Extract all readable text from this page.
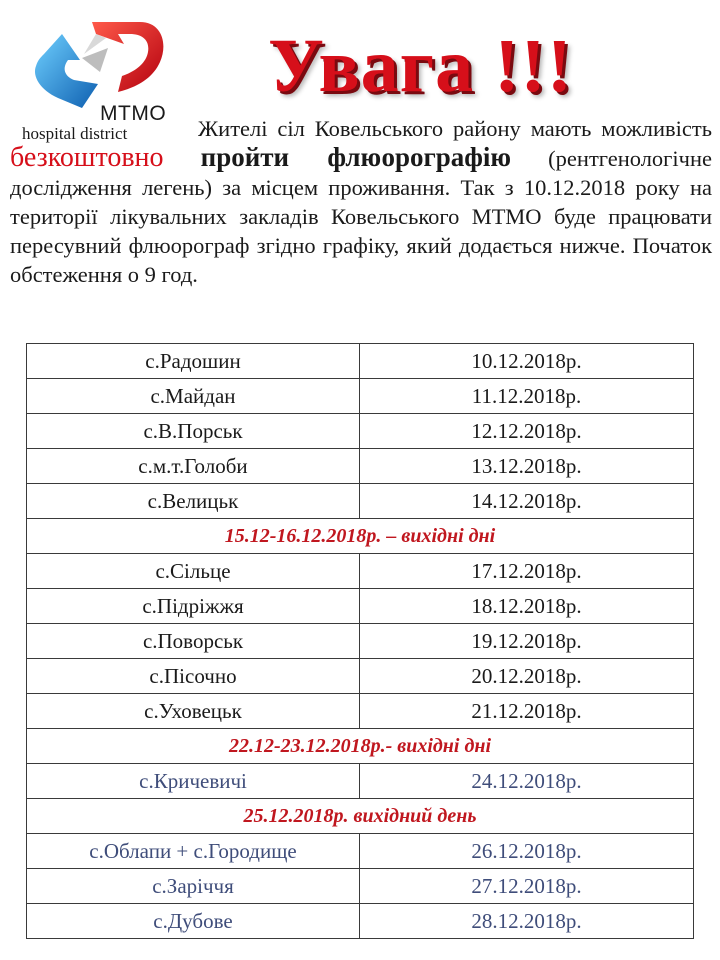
МТМО
hospital district
Увага !!!

Жителі сіл Ковельського району мають можливість безкоштовно пройти флюорографію (рентгенологічне дослідження легень) за місцем проживання. Так з 10.12.2018 року на території лікувальних закладів Ковельського МТМО буде працювати пересувний флюорограф згідно графіку, який додається нижче. Початок обстеження о 9 год.

с.Радошин	10.12.2018р.
с.Майдан	11.12.2018р.
с.В.Порськ	12.12.2018р.
с.м.т.Голоби	13.12.2018р.
с.Велицьк	14.12.2018р.
15.12-16.12.2018р. – вихідні дні	
с.Сільце	17.12.2018р.
с.Підріжжя	18.12.2018р.
с.Поворськ	19.12.2018р.
с.Пісочно	20.12.2018р.
с.Уховецьк	21.12.2018р.
22.12-23.12.2018р.- вихідні дні	
с.Кричевичі	24.12.2018р.
25.12.2018р. вихідний день	
с.Облапи + с.Городище	26.12.2018р.
с.Заріччя	27.12.2018р.
с.Дубове	28.12.2018р.
